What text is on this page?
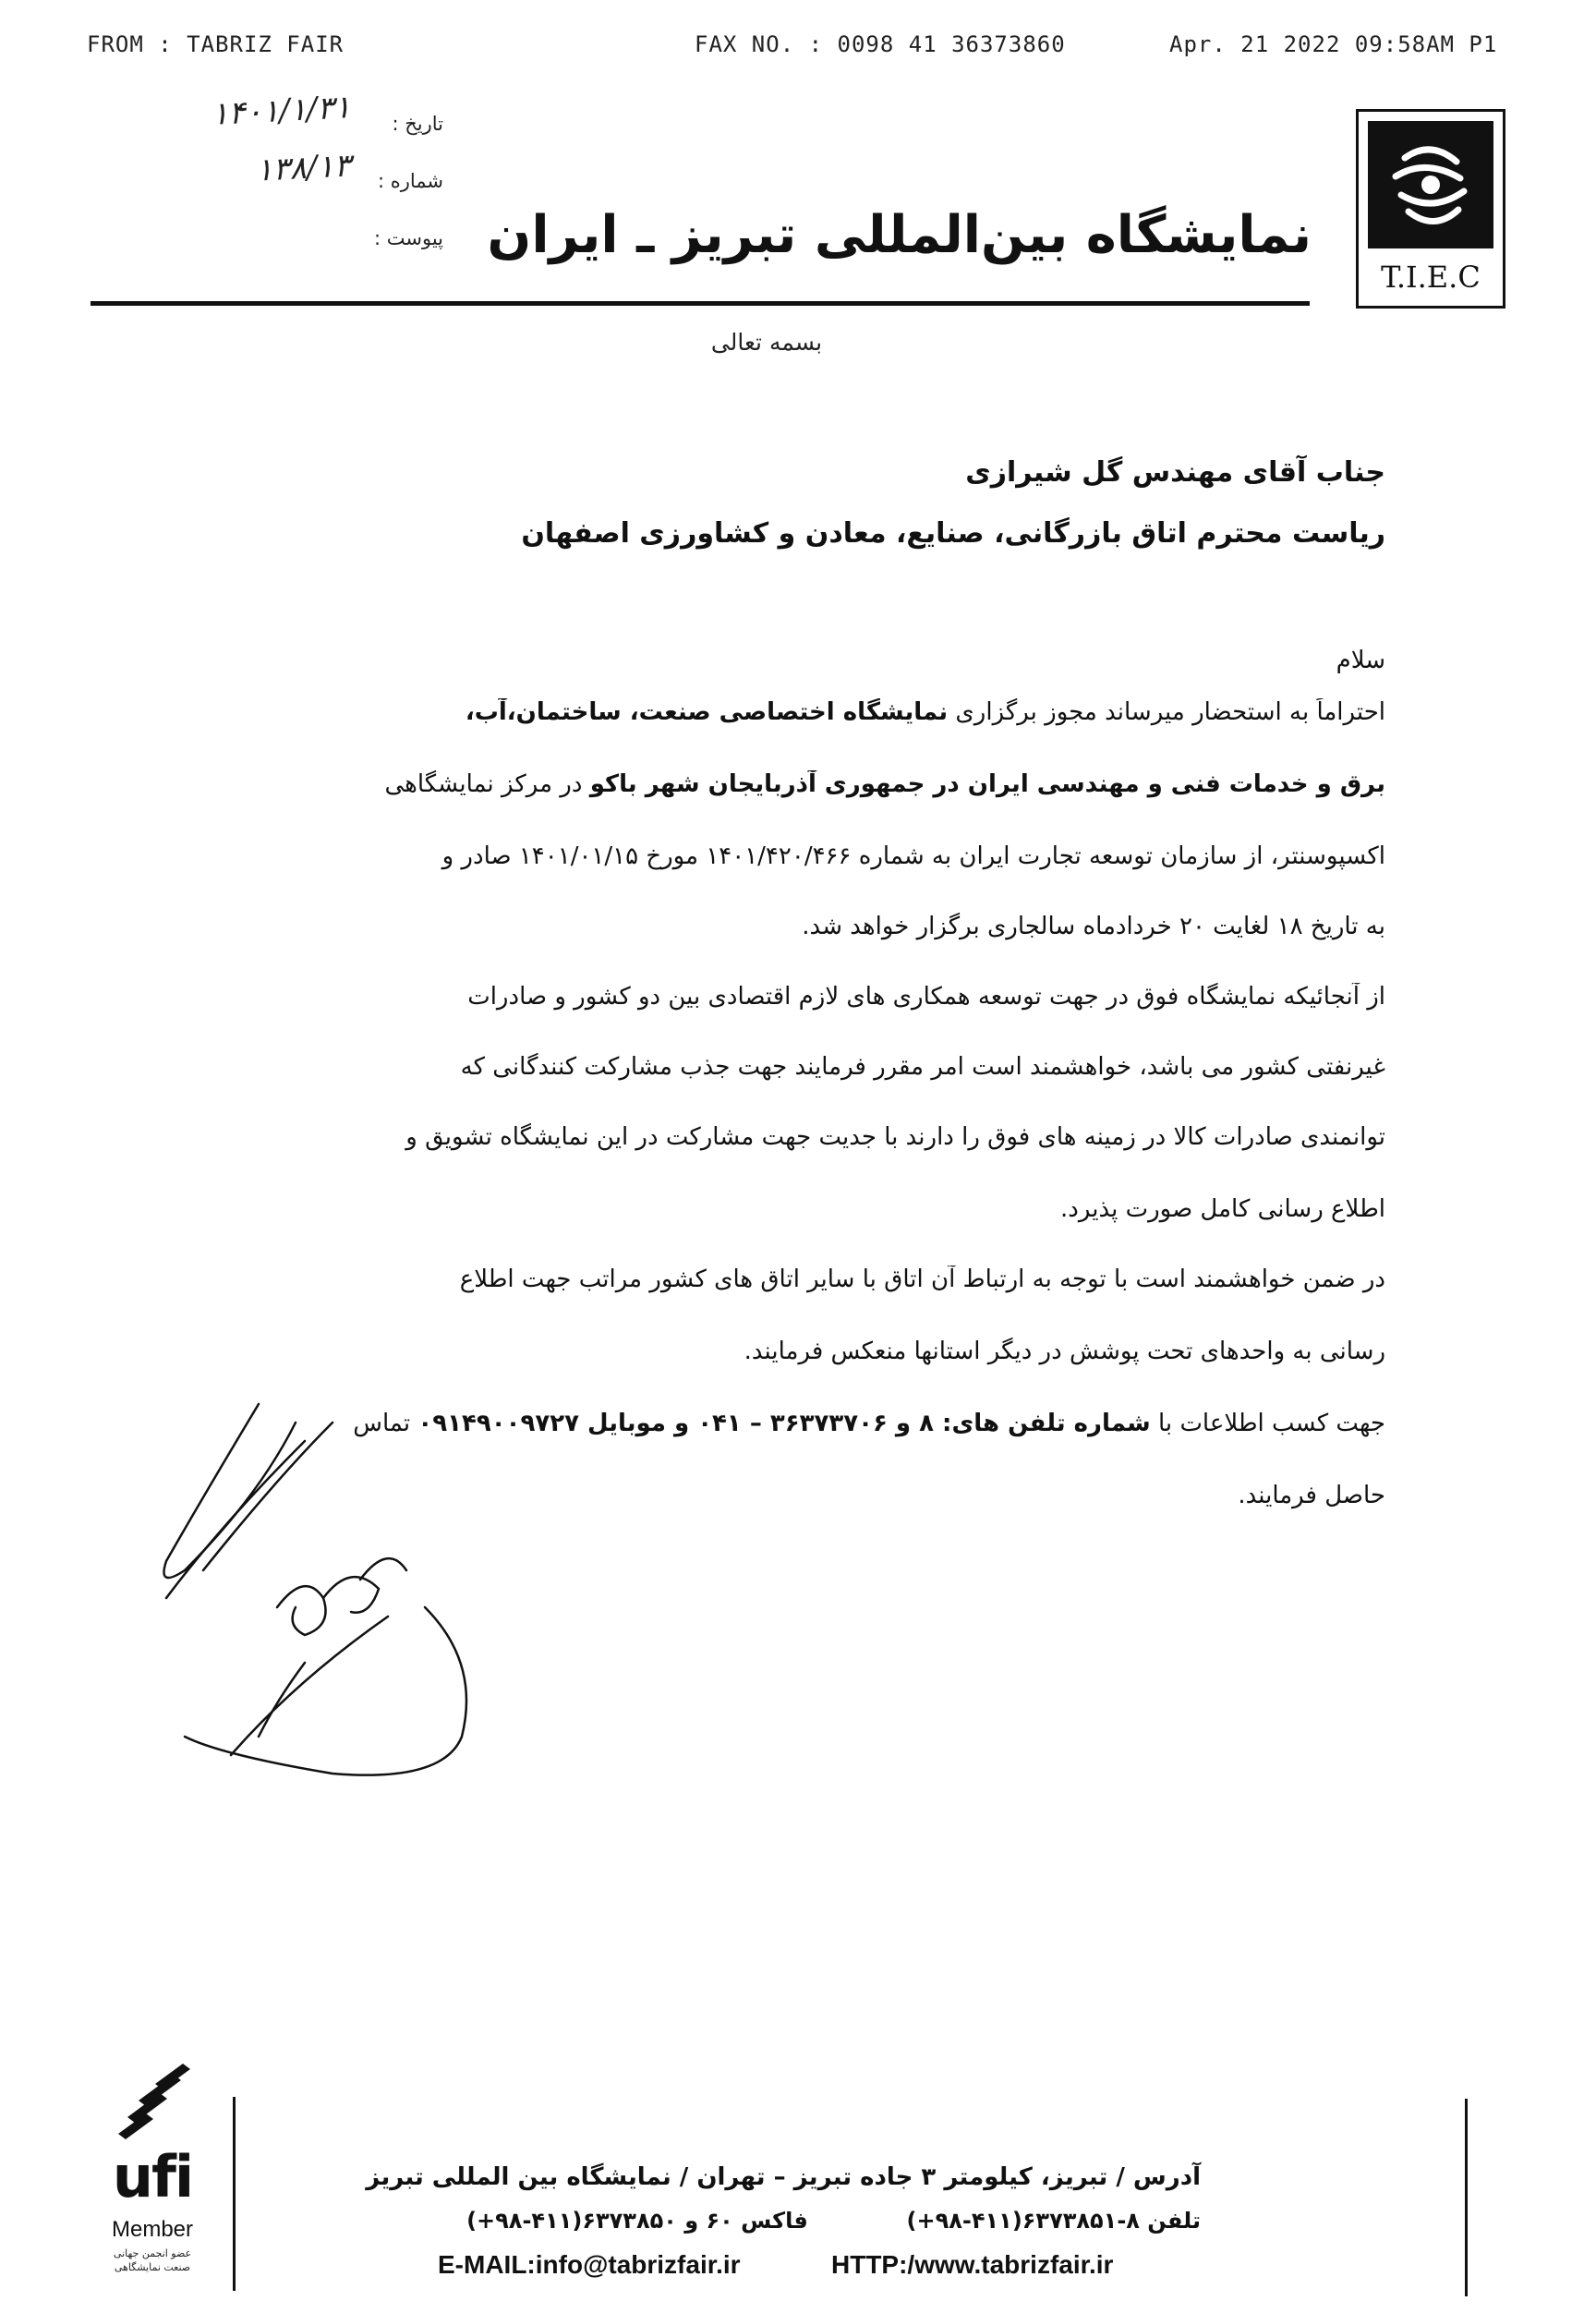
FROM : TABRIZ FAIR	FAX NO. : 0098 41 36373860	Apr. 21 2022 09:58AM P1
۱۴۰۱/۱/۳۱ تاریخ :
۱۳۸/۱۳ شماره :
پیوست : نمایشگاه بین‌المللی تبریز ـ ایران
T.I.E.C
بسمه تعالی
جناب آقای مهندس گل شیرازی
ریاست محترم اتاق بازرگانی، صنایع، معادن و کشاورزی اصفهان
سلام
احتراماً به استحضار میرساند مجوز برگزاری نمایشگاه اختصاصی صنعت، ساختمان،آب،
برق و خدمات فنی و مهندسی ایران در جمهوری آذربایجان شهر باکو در مرکز نمایشگاهی
اکسپوسنتر، از سازمان توسعه تجارت ایران به شماره ۱۴۰۱/۴۲۰/۴۶۶ مورخ ۱۴۰۱/۰۱/۱۵ صادر و
به تاریخ ۱۸ لغایت ۲۰ خردادماه سالجاری برگزار خواهد شد.
از آنجائیکه نمایشگاه فوق در جهت توسعه همکاری های لازم اقتصادی بین دو کشور و صادرات
غیرنفتی کشور می باشد، خواهشمند است امر مقرر فرمایند جهت جذب مشارکت کنندگانی که
توانمندی صادرات کالا در زمینه های فوق را دارند با جدیت جهت مشارکت در این نمایشگاه تشویق و
اطلاع رسانی کامل صورت پذیرد.
در ضمن خواهشمند است با توجه به ارتباط آن اتاق با سایر اتاق های کشور مراتب جهت اطلاع
رسانی به واحدهای تحت پوشش در دیگر استانها منعکس فرمایند.
جهت کسب اطلاعات با شماره تلفن های: ۸ و ۳۶۳۷۳۷۰۶ – ۰۴۱ و موبایل ۰۹۱۴۹۰۰۹۷۲۷ تماس
حاصل فرمایند.
ufi
Member
عضو انجمن جهانی
صنعت نمایشگاهی
آدرس / تبریز، کیلومتر ۳ جاده تبریز – تهران / نمایشگاه بین المللی تبریز
تلفن ۸-۶۳۷۳۸۵۱(۴۱۱-۹۸+)  فاکس ۶۰ و ۶۳۷۳۸۵۰(۴۱۱-۹۸+)
E-MAIL:info@tabrizfair.ir	HTTP:/www.tabrizfair.ir
